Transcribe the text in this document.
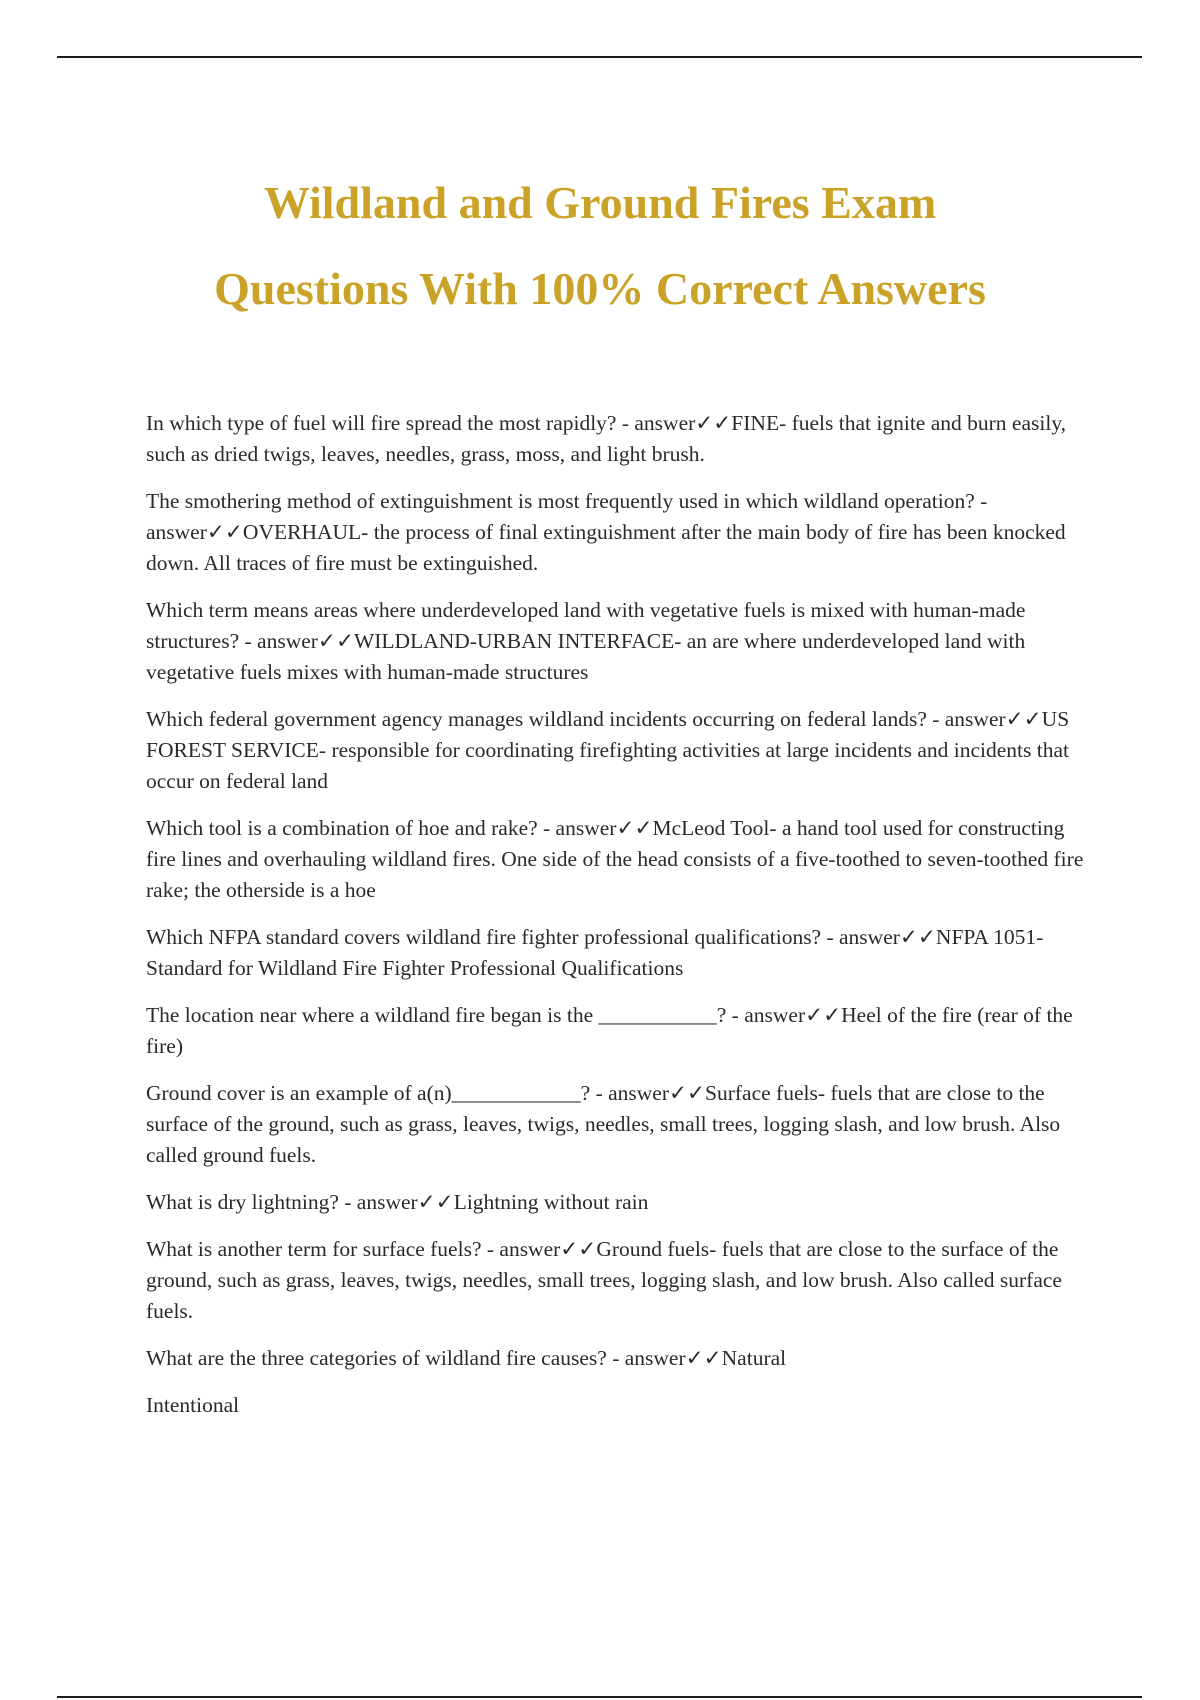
Wildland and Ground Fires Exam
Questions With 100% Correct Answers

In which type of fuel will fire spread the most rapidly? - answer✓✓FINE- fuels that ignite and burn easily, such as dried twigs, leaves, needles, grass, moss, and light brush.

The smothering method of extinguishment is most frequently used in which wildland operation? - answer✓✓OVERHAUL- the process of final extinguishment after the main body of fire has been knocked down. All traces of fire must be extinguished.

Which term means areas where underdeveloped land with vegetative fuels is mixed with human-made structures? - answer✓✓WILDLAND-URBAN INTERFACE- an are where underdeveloped land with vegetative fuels mixes with human-made structures

Which federal government agency manages wildland incidents occurring on federal lands? - answer✓✓US FOREST SERVICE- responsible for coordinating firefighting activities at large incidents and incidents that occur on federal land

Which tool is a combination of hoe and rake? - answer✓✓McLeod Tool- a hand tool used for constructing fire lines and overhauling wildland fires. One side of the head consists of a five-toothed to seven-toothed fire rake; the otherside is a hoe

Which NFPA standard covers wildland fire fighter professional qualifications? - answer✓✓NFPA 1051- Standard for Wildland Fire Fighter Professional Qualifications

The location near where a wildland fire began is the ___________? - answer✓✓Heel of the fire (rear of the fire)

Ground cover is an example of a(n)____________? - answer✓✓Surface fuels- fuels that are close to the surface of the ground, such as grass, leaves, twigs, needles, small trees, logging slash, and low brush. Also called ground fuels.

What is dry lightning? - answer✓✓Lightning without rain

What is another term for surface fuels? - answer✓✓Ground fuels- fuels that are close to the surface of the ground, such as grass, leaves, twigs, needles, small trees, logging slash, and low brush. Also called surface fuels.

What are the three categories of wildland fire causes? - answer✓✓Natural

Intentional
